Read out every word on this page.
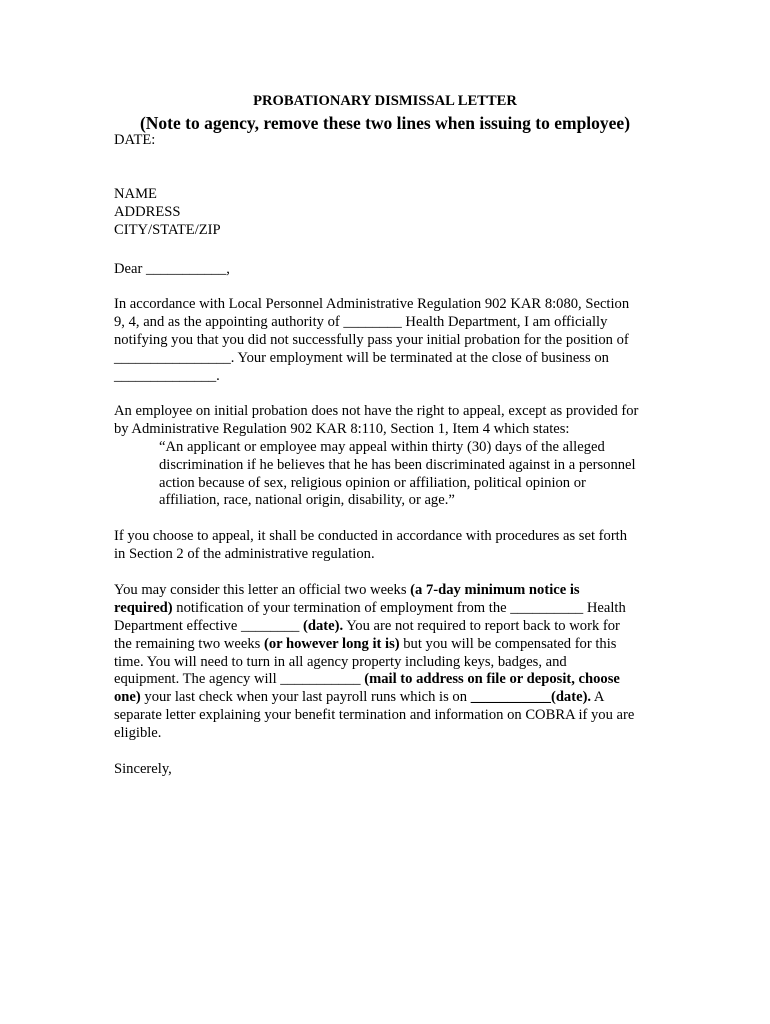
PROBATIONARY DISMISSAL LETTER
(Note to agency, remove these two lines when issuing to employee)
DATE:
NAME
ADDRESS
CITY/STATE/ZIP
Dear ___________,
In accordance with Local Personnel Administrative Regulation 902 KAR 8:080, Section
9, 4, and as the appointing authority of ________ Health Department, I am officially
notifying you that you did not successfully pass your initial probation for the position of
________________. Your employment will be terminated at the close of business on
______________.
An employee on initial probation does not have the right to appeal, except as provided for
by Administrative Regulation 902 KAR 8:110, Section 1, Item 4 which states:
“An applicant or employee may appeal within thirty (30) days of the alleged
discrimination if he believes that he has been discriminated against in a personnel
action because of sex, religious opinion or affiliation, political opinion or
affiliation, race, national origin, disability, or age.”
If you choose to appeal, it shall be conducted in accordance with procedures as set forth
in Section 2 of the administrative regulation.
You may consider this letter an official two weeks (a 7-day minimum notice is
required) notification of your termination of employment from the __________ Health
Department effective ________ (date). You are not required to report back to work for
the remaining two weeks (or however long it is) but you will be compensated for this
time. You will need to turn in all agency property including keys, badges, and
equipment. The agency will ___________ (mail to address on file or deposit, choose
one) your last check when your last payroll runs which is on ___________(date). A
separate letter explaining your benefit termination and information on COBRA if you are
eligible.
Sincerely,
